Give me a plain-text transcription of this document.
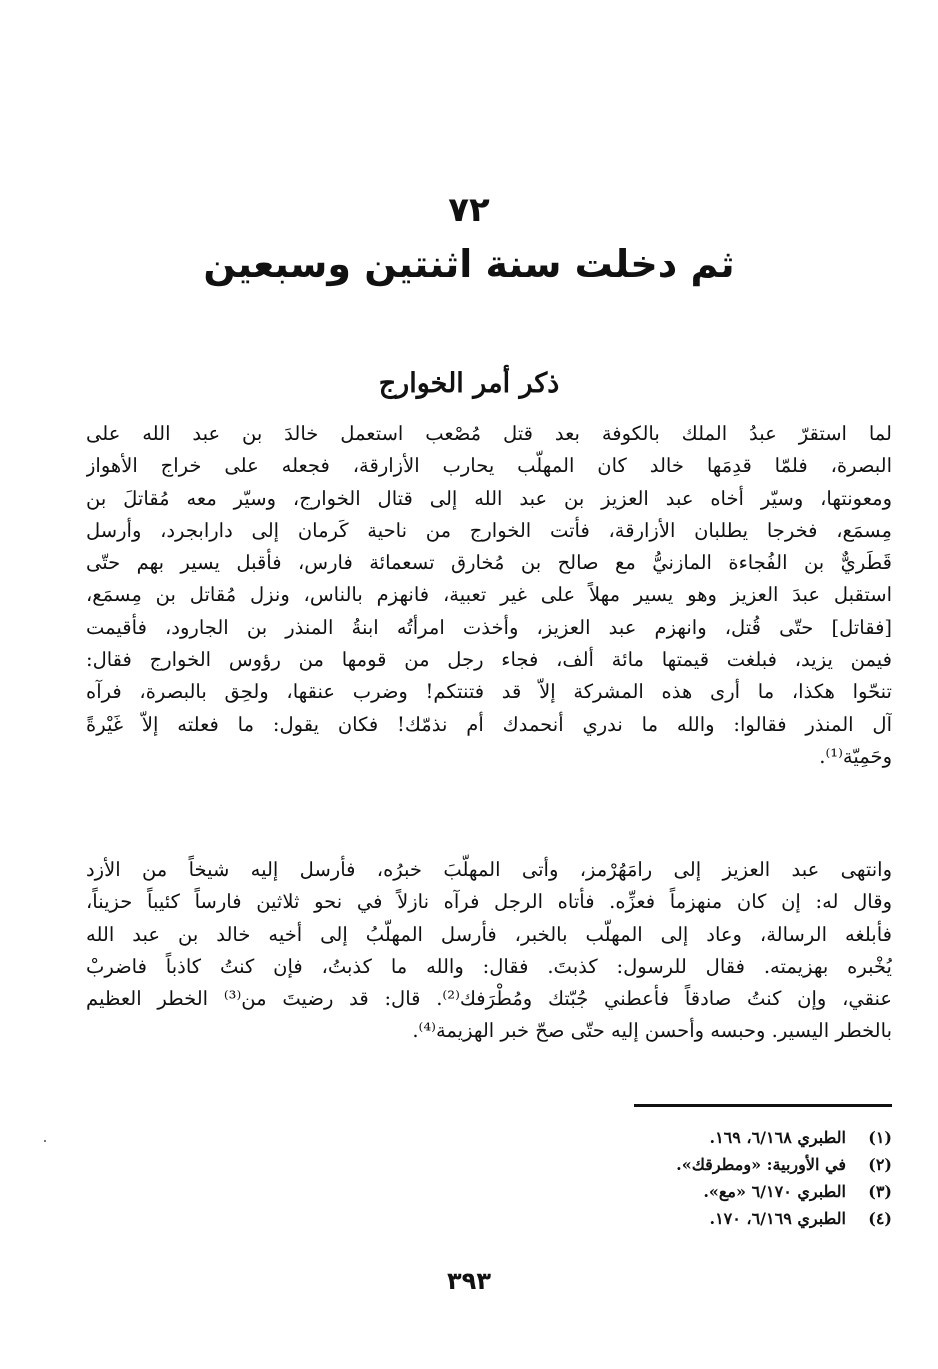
٧٢
ثم دخلت سنة اثنتين وسبعين
ذكر أمر الخوارج
لما استقرّ عبدُ الملك بالكوفة بعد قتل مُصْعب استعمل خالدَ بن عبد الله على
البصرة، فلمّا قدِمَها خالد كان المهلّب يحارب الأزارقة، فجعله على خراج الأهواز
ومعونتها، وسيّر أخاه عبد العزيز بن عبد الله إلى قتال الخوارج، وسيّر معه مُقاتلَ بن
مِسمَع، فخرجا يطلبان الأزارقة، فأتت الخوارج من ناحية كَرمان إلى دارابجرد، وأرسل
قَطَريٌّ بن الفُجاءة المازنيُّ مع صالح بن مُخارق تسعمائة فارس، فأقبل يسير بهم حتّى
استقبل عبدَ العزيز وهو يسير مهلاً على غير تعبية، فانهزم بالناس، ونزل مُقاتل بن مِسمَع،
[فقاتل] حتّى قُتل، وانهزم عبد العزيز، وأخذت امرأتُه ابنةُ المنذر بن الجارود، فأقيمت
فيمن يزيد، فبلغت قيمتها مائة ألف، فجاء رجل من قومها من رؤوس الخوارج فقال:
تنحّوا هكذا، ما أرى هذه المشركة إلاّ قد فتنتكم! وضرب عنقها، ولحِق بالبصرة، فرآه
آل المنذر فقالوا: والله ما ندري أنحمدك أم نذمّك! فكان يقول: ما فعلته إلاّ غَيْرةً
وحَمِيّة⁽¹⁾.
وانتهى عبد العزيز إلى رامَهُرْمز، وأتى المهلّبَ خبرُه، فأرسل إليه شيخاً من الأزد
وقال له: إن كان منهزماً فعزِّه. فأتاه الرجل فرآه نازلاً في نحو ثلاثين فارساً كئيباً حزيناً،
فأبلغه الرسالة، وعاد إلى المهلّب بالخبر، فأرسل المهلّبُ إلى أخيه خالد بن عبد الله
يُخْبره بهزيمته. فقال للرسول: كذبتَ. فقال: والله ما كذبتُ، فإن كنتُ كاذباً فاضربْ
عنقي، وإن كنتُ صادقاً فأعطني جُبّتك ومُطْرَفك⁽²⁾. قال: قد رضيتَ من⁽³⁾ الخطر العظيم
بالخطر اليسير. وحبسه وأحسن إليه حتّى صحّ خبر الهزيمة⁽⁴⁾.
(١)
الطبري ٦/١٦٨، ١٦٩.
(٢)
في الأوربية: «ومطرقك».
(٣)
الطبري ٦/١٧٠ «مع».
(٤)
الطبري ٦/١٦٩، ١٧٠.
٣٩٣
